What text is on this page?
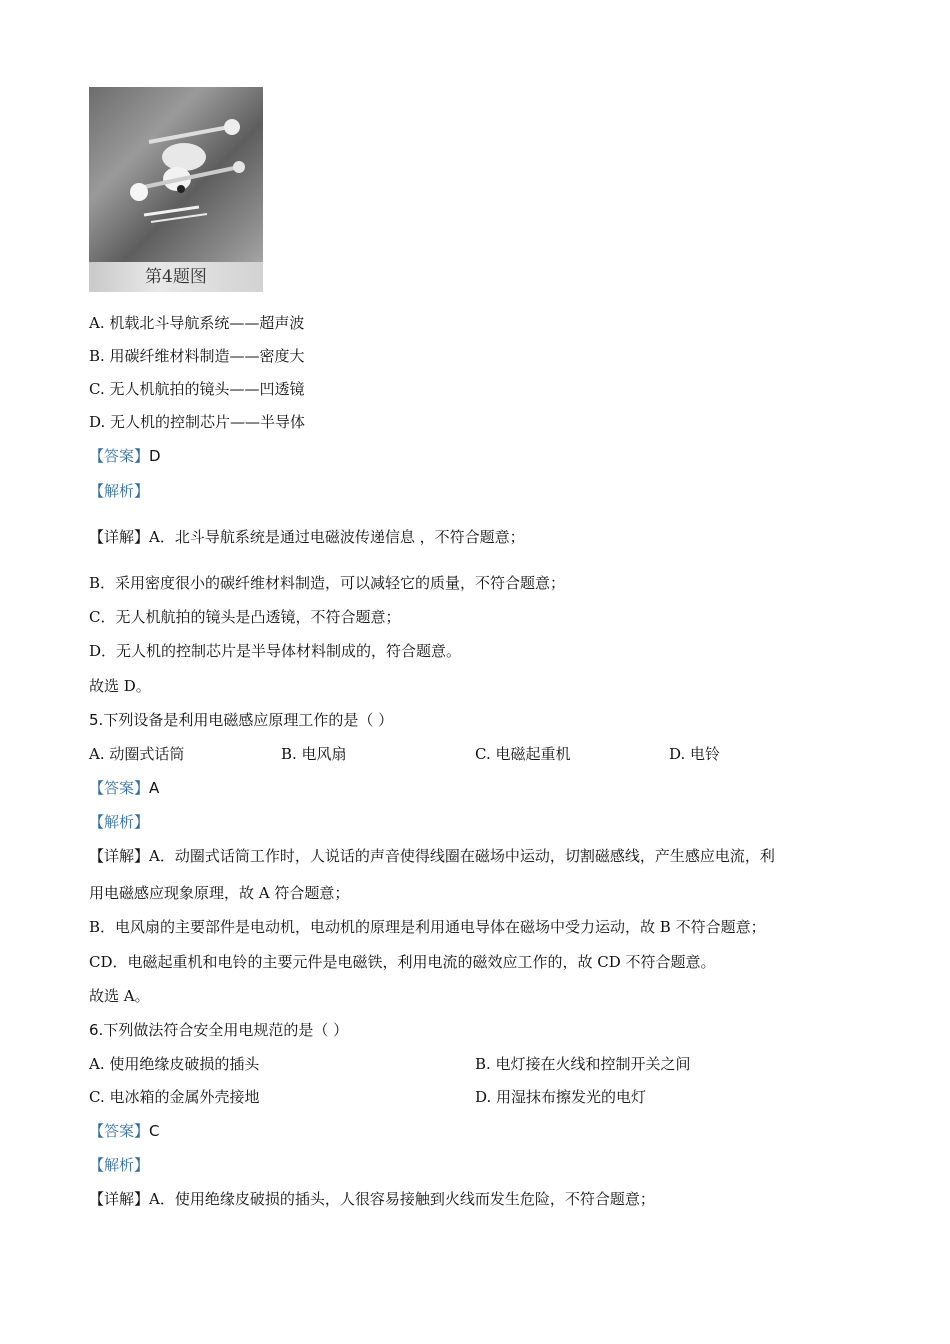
第4题图
A. 机载北斗导航系统——超声波
B. 用碳纤维材料制造——密度大
C. 无人机航拍的镜头——凹透镜
D. 无人机的控制芯片——半导体
【答案】D
【解析】
【详解】A．北斗导航系统是通过电磁波传递信息 ，不符合题意；
B．采用密度很小的碳纤维材料制造，可以减轻它的质量，不符合题意；
C．无人机航拍的镜头是凸透镜，不符合题意；
D．无人机的控制芯片是半导体材料制成的，符合题意。
故选 D。
5.下列设备是利用电磁感应原理工作的是（ ）
A. 动圈式话筒	B. 电风扇	C. 电磁起重机	D. 电铃
【答案】A
【解析】
【详解】A．动圈式话筒工作时，人说话的声音使得线圈在磁场中运动，切割磁感线，产生感应电流，利
用电磁感应现象原理，故 A 符合题意；
B．电风扇的主要部件是电动机，电动机的原理是利用通电导体在磁场中受力运动，故 B 不符合题意；
CD．电磁起重机和电铃的主要元件是电磁铁，利用电流的磁效应工作的，故 CD 不符合题意。
故选 A。
6.下列做法符合安全用电规范的是（ ）
A. 使用绝缘皮破损的插头	B. 电灯接在火线和控制开关之间
C. 电冰箱的金属外壳接地	D. 用湿抹布擦发光的电灯
【答案】C
【解析】
【详解】A．使用绝缘皮破损的插头，人很容易接触到火线而发生危险，不符合题意；
